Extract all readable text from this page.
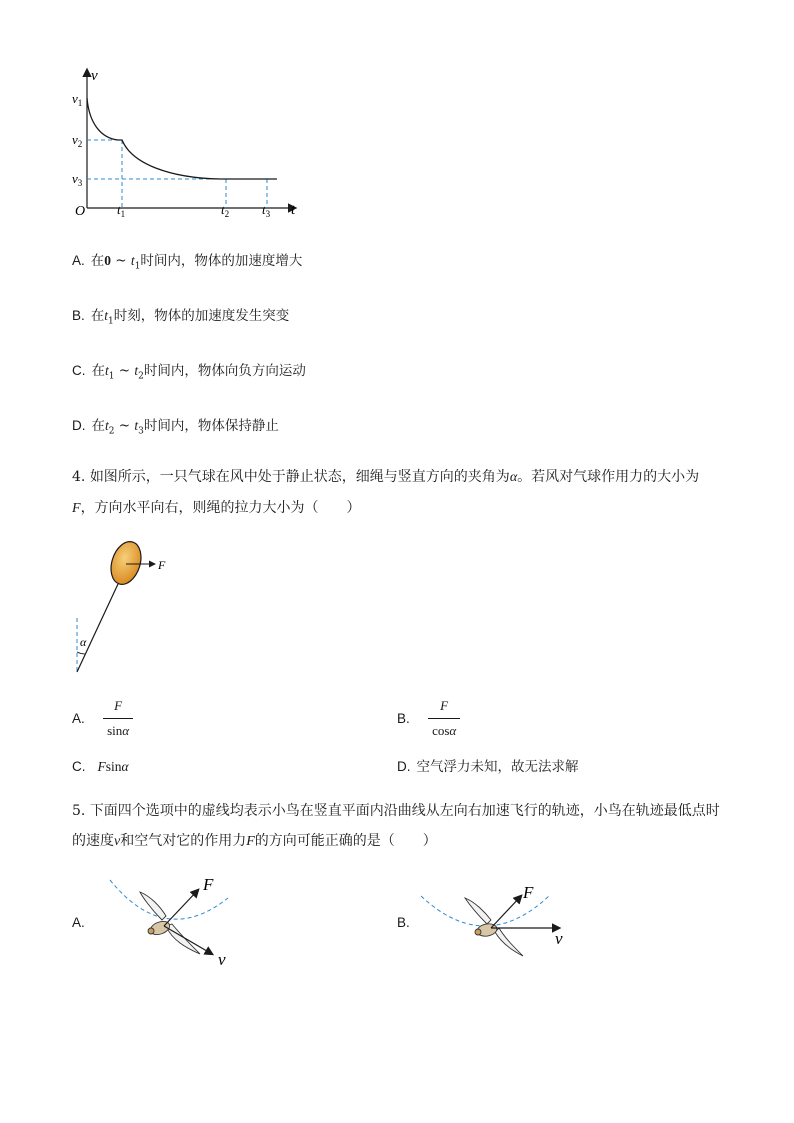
v
t
O
$v_1$
$v_2$
$v_3$
$t_1$	$t_2$	$t_3$
A. 在0 ~ $t_1$时间内，物体的加速度增大
B. 在$t_1$时刻，物体的加速度发生突变
C. 在$t_1$ ~ $t_2$时间内，物体向负方向运动
D. 在$t_2$ ~ $t_3$时间内，物体保持静止
4. 如图所示，一只气球在风中处于静止状态，细绳与竖直方向的夹角为α。若风对气球作用力的大小为
F，方向水平向右，则绳的拉力大小为（　　）
α
F
A. $\frac{F}{\sin\alpha}$	B. $\frac{F}{\cos\alpha}$
C. Fsinα	D. 空气浮力未知，故无法求解
5. 下面四个选项中的虚线均表示小鸟在竖直平面内沿曲线从左向右加速飞行的轨迹，小鸟在轨迹最低点时
的速度v和空气对它的作用力F的方向可能正确的是（　　）
A.
F
v
B.
F
v
